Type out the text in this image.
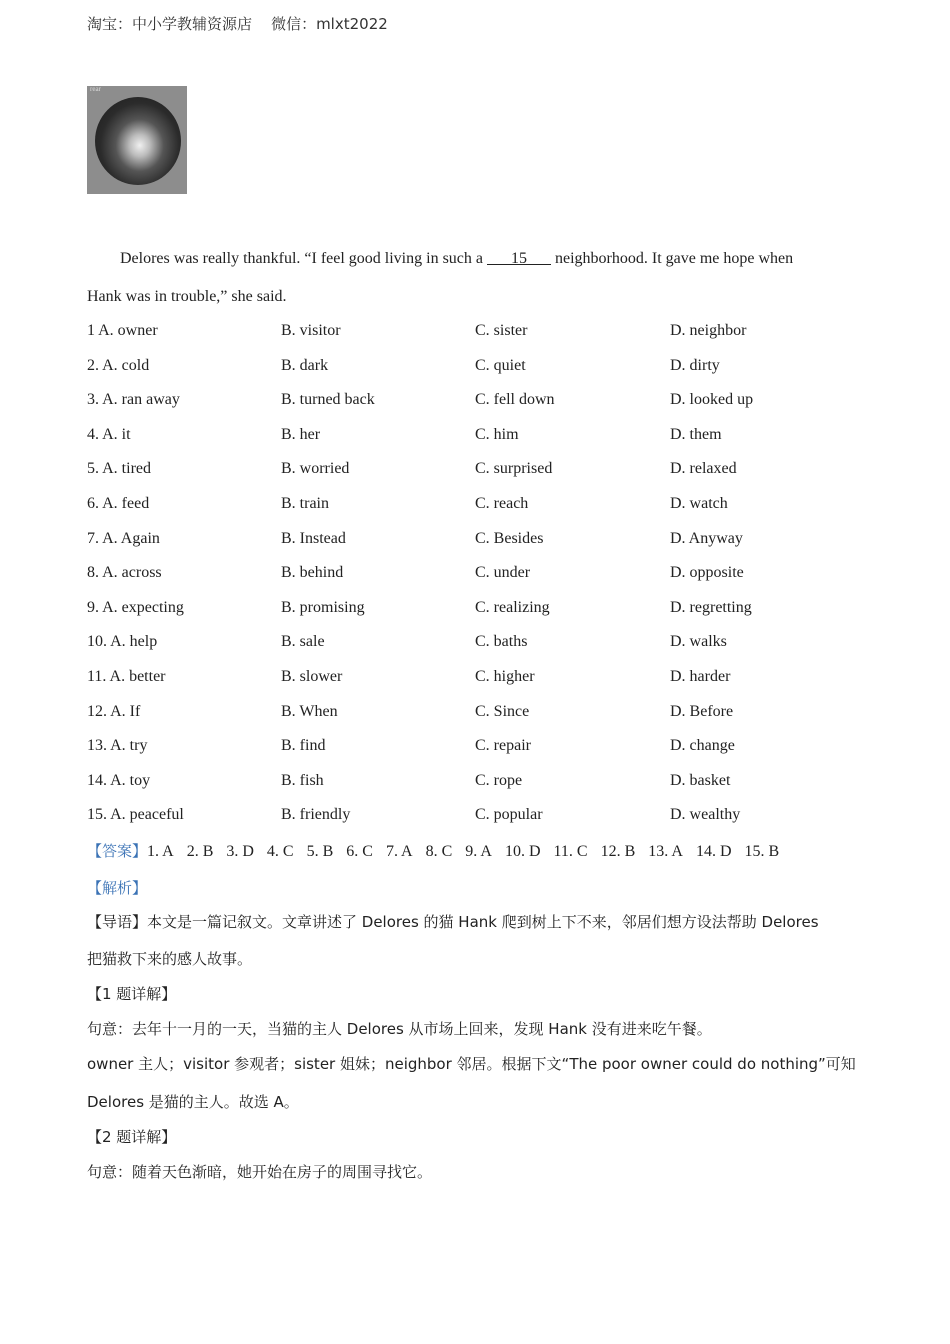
淘宝：中小学教辅资源店    微信：mlxt2022
rear
Delores was really thankful. “I feel good living in such a       15       neighborhood. It gave me hope when
Hank was in trouble,” she said.
1 A. owner	B. visitor	C. sister	D. neighbor
2. A. cold	B. dark	C. quiet	D. dirty
3. A. ran away	B. turned back	C. fell down	D. looked up
4. A. it	B. her	C. him	D. them
5. A. tired	B. worried	C. surprised	D. relaxed
6. A. feed	B. train	C. reach	D. watch
7. A. Again	B. Instead	C. Besides	D. Anyway
8. A. across	B. behind	C. under	D. opposite
9. A. expecting	B. promising	C. realizing	D. regretting
10. A. help	B. sale	C. baths	D. walks
11. A. better	B. slower	C. higher	D. harder
12. A. If	B. When	C. Since	D. Before
13. A. try	B. find	C. repair	D. change
14. A. toy	B. fish	C. rope	D. basket
15. A. peaceful	B. friendly	C. popular	D. wealthy
【答案】1. A 2. B 3. D 4. C 5. B 6. C 7. A 8. C 9. A 10. D 11. C 12. B 13. A 14. D 15. B
【解析】
【导语】本文是一篇记叙文。文章讲述了 Delores 的猫 Hank 爬到树上下不来，邻居们想方设法帮助 Delores
把猫救下来的感人故事。
【1 题详解】
句意：去年十一月的一天，当猫的主人 Delores 从市场上回来，发现 Hank 没有进来吃午餐。
owner 主人；visitor 参观者；sister 姐妹；neighbor 邻居。根据下文“The poor owner could do nothing”可知
Delores 是猫的主人。故选 A。
【2 题详解】
句意：随着天色渐暗，她开始在房子的周围寻找它。
